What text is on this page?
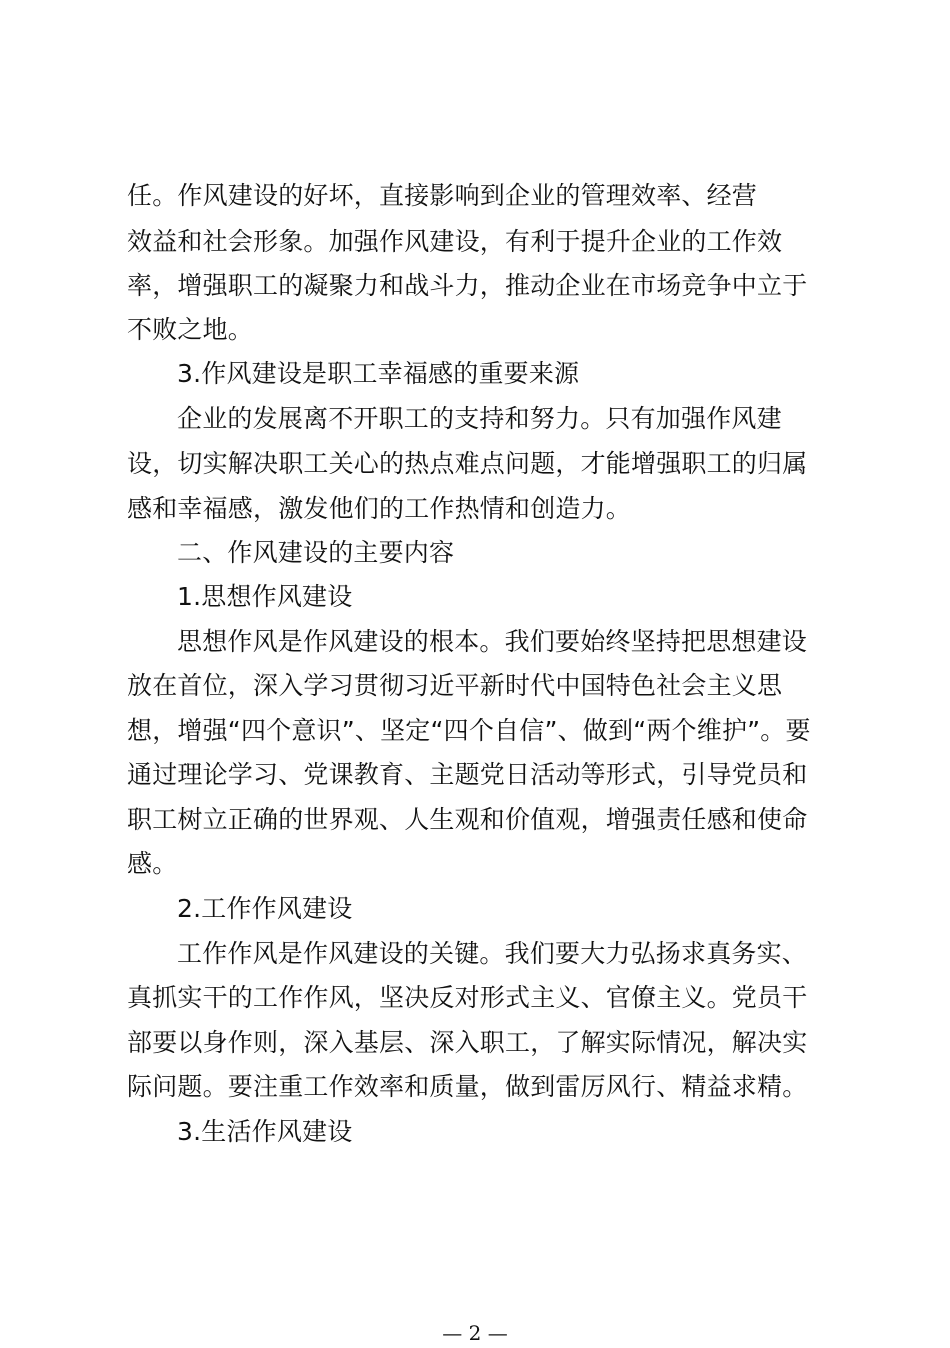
任。作风建设的好坏，直接影响到企业的管理效率、经营
效益和社会形象。加强作风建设，有利于提升企业的工作效
率，增强职工的凝聚力和战斗力，推动企业在市场竞争中立于
不败之地。
3.作风建设是职工幸福感的重要来源
企业的发展离不开职工的支持和努力。只有加强作风建
设，切实解决职工关心的热点难点问题，才能增强职工的归属
感和幸福感，激发他们的工作热情和创造力。
二、作风建设的主要内容
1.思想作风建设
思想作风是作风建设的根本。我们要始终坚持把思想建设
放在首位，深入学习贯彻习近平新时代中国特色社会主义思
想，增强“四个意识”、坚定“四个自信”、做到“两个维护”。要
通过理论学习、党课教育、主题党日活动等形式，引导党员和
职工树立正确的世界观、人生观和价值观，增强责任感和使命
感。
2.工作作风建设
工作作风是作风建设的关键。我们要大力弘扬求真务实、
真抓实干的工作作风，坚决反对形式主义、官僚主义。党员干
部要以身作则，深入基层、深入职工，了解实际情况，解决实
际问题。要注重工作效率和质量，做到雷厉风行、精益求精。
3.生活作风建设
— 2 —
